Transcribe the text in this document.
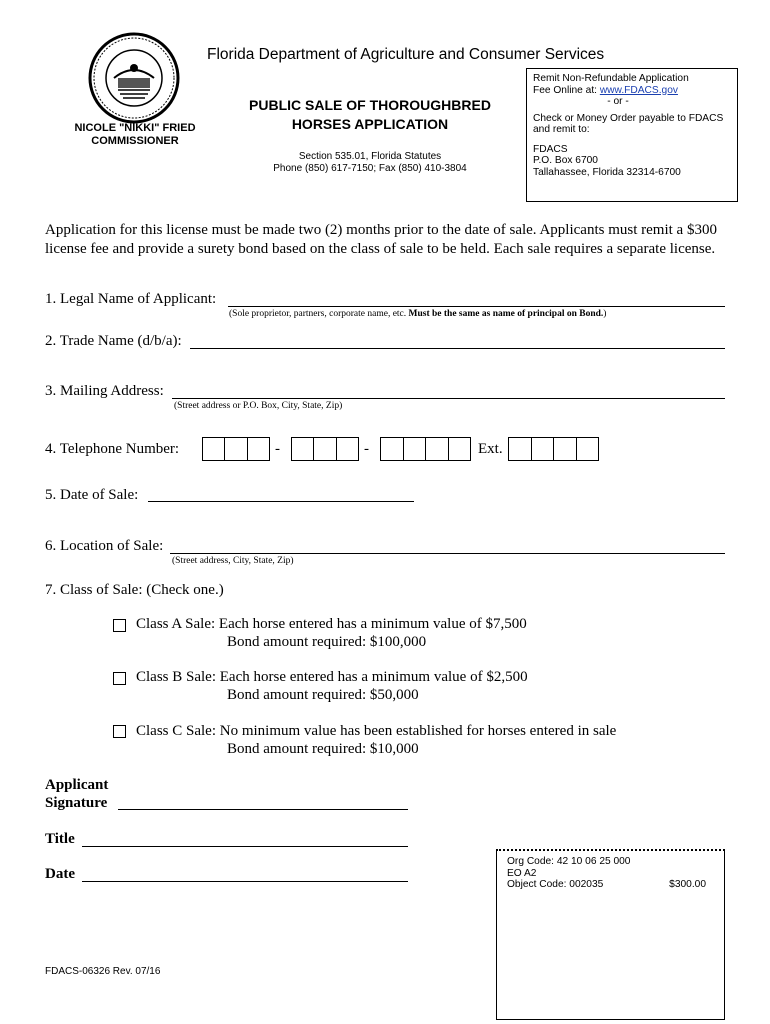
NICOLE "NIKKI" FRIED
COMMISSIONER
Florida Department of Agriculture and Consumer Services
PUBLIC SALE OF THOROUGHBRED
HORSES APPLICATION
Section 535.01, Florida Statutes
Phone (850) 617-7150; Fax (850) 410-3804
Remit Non-Refundable Application
Fee Online at: www.FDACS.gov
- or -
Check or Money Order payable to FDACS
and remit to:
FDACS
P.O. Box 6700
Tallahassee, Florida 32314-6700
Application for this license must be made two (2) months prior to the date of sale. Applicants must remit a $300 license fee and provide a surety bond based on the class of sale to be held. Each sale requires a separate license.
1. Legal Name of Applicant:
(Sole proprietor, partners, corporate name, etc. Must be the same as name of principal on Bond.)
2. Trade Name (d/b/a):
3. Mailing Address:
(Street address or P.O. Box, City, State, Zip)
4. Telephone Number:	-	-	Ext.
5. Date of Sale:
6. Location of Sale:
(Street address, City, State, Zip)
7. Class of Sale: (Check one.)
Class A Sale: Each horse entered has a minimum value of $7,500
Bond amount required: $100,000
Class B Sale: Each horse entered has a minimum value of $2,500
Bond amount required: $50,000
Class C Sale: No minimum value has been established for horses entered in sale
Bond amount required: $10,000
Applicant
Signature
Title
Date
Org Code: 42 10 06 25 000
EO A2
Object Code: 002035	$300.00
FDACS-06326 Rev. 07/16
